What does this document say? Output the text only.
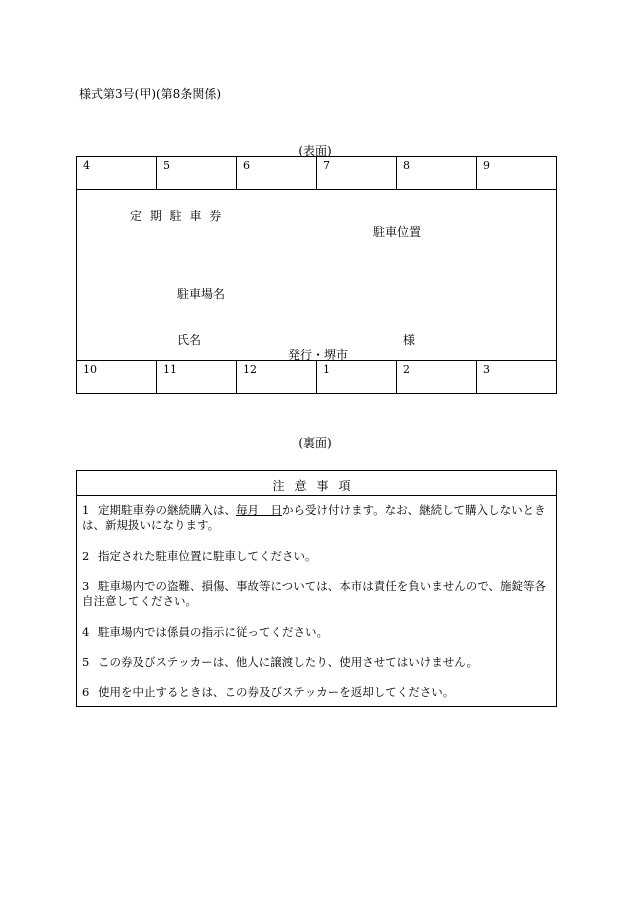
様式第3号(甲)(第8条関係)
(表面)
4	5	6	7	8	9
定 期 駐 車 券
駐車位置
駐車場名
氏名	様
発行・堺市
10	11	12	1	2	3
(裏面)
注意事項
1 定期駐車券の継続購入は、毎月　日から受け付けます。なお、継続して購入しないときは、新規扱いになります。
2 指定された駐車位置に駐車してください。
3 駐車場内での盗難、損傷、事故等については、本市は責任を負いませんので、施錠等各自注意してください。
4 駐車場内では係員の指示に従ってください。
5 この券及びステッカーは、他人に譲渡したり、使用させてはいけません。
6 使用を中止するときは、この券及びステッカーを返却してください。
